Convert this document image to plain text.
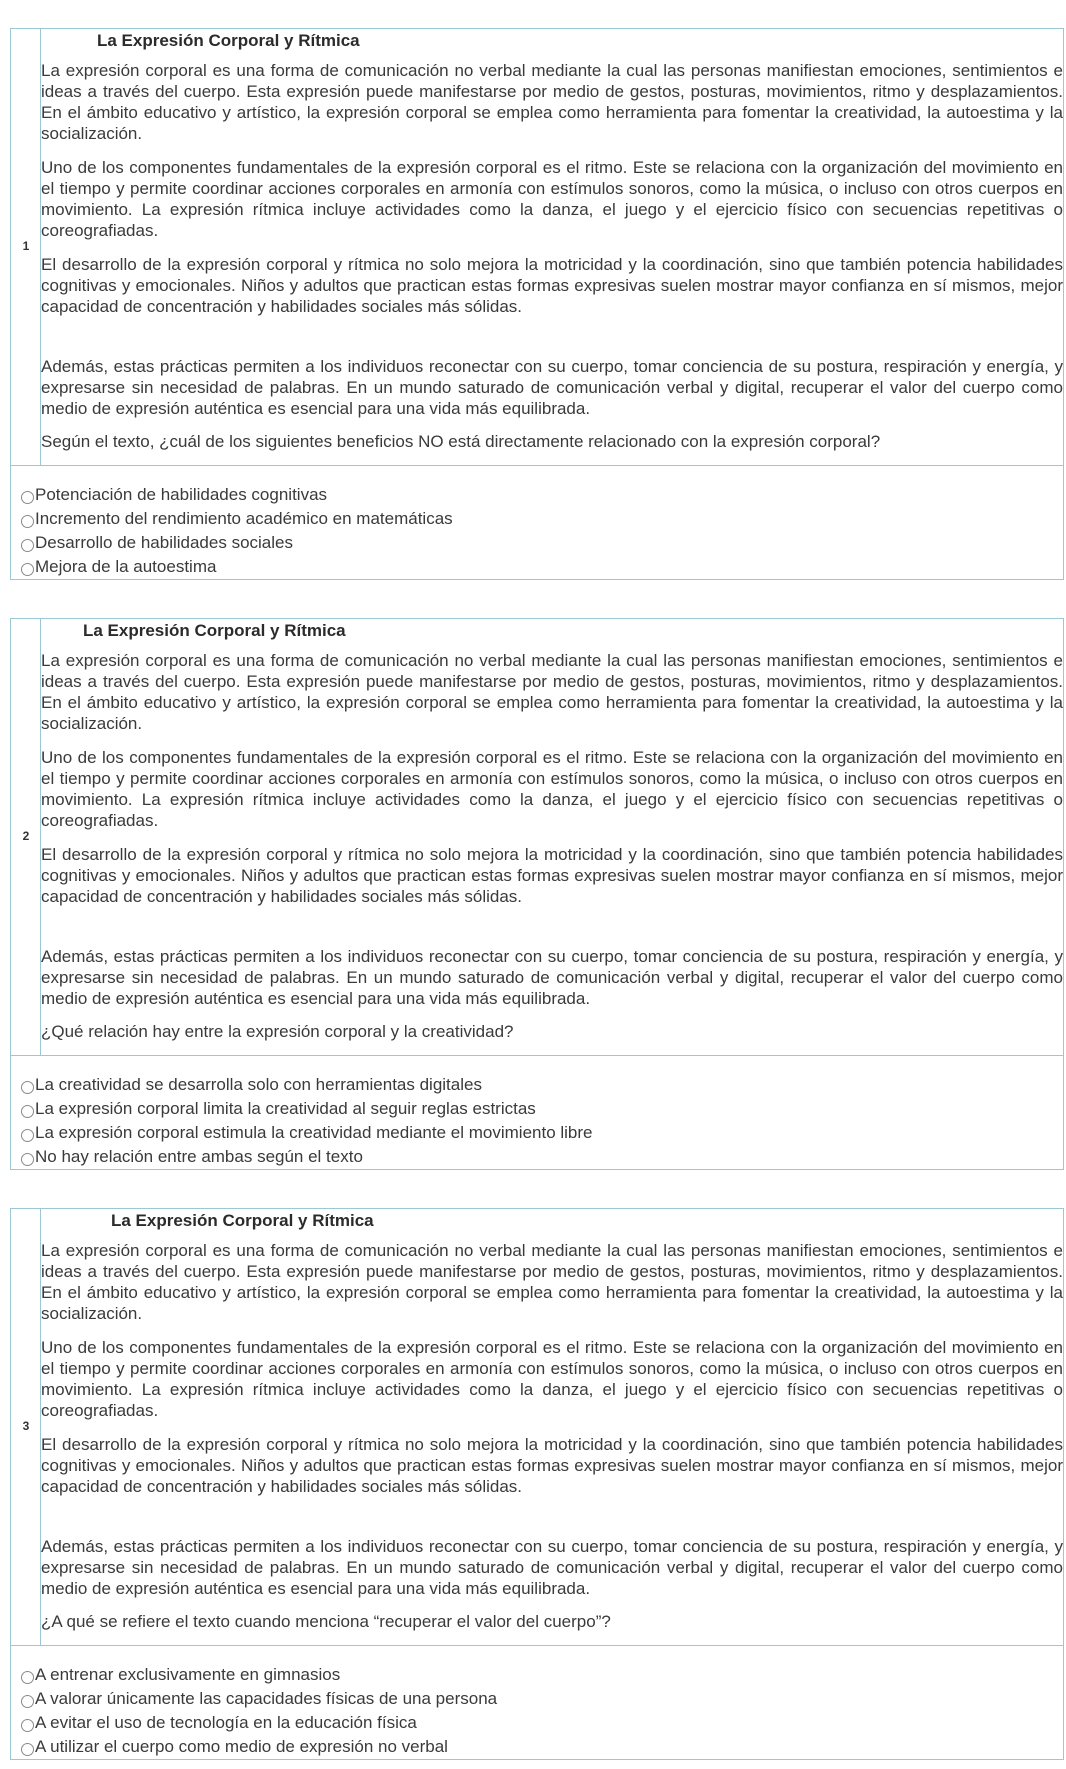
1
La Expresión Corporal y Rítmica

La expresión corporal es una forma de comunicación no verbal mediante la cual las personas manifiestan emociones, sentimientos e ideas a través del cuerpo. Esta expresión puede manifestarse por medio de gestos, posturas, movimientos, ritmo y desplazamientos. En el ámbito educativo y artístico, la expresión corporal se emplea como herramienta para fomentar la creatividad, la autoestima y la socialización.

Uno de los componentes fundamentales de la expresión corporal es el ritmo. Este se relaciona con la organización del movimiento en el tiempo y permite coordinar acciones corporales en armonía con estímulos sonoros, como la música, o incluso con otros cuerpos en movimiento. La expresión rítmica incluye actividades como la danza, el juego y el ejercicio físico con secuencias repetitivas o coreografiadas.

El desarrollo de la expresión corporal y rítmica no solo mejora la motricidad y la coordinación, sino que también potencia habilidades cognitivas y emocionales. Niños y adultos que practican estas formas expresivas suelen mostrar mayor confianza en sí mismos, mejor capacidad de concentración y habilidades sociales más sólidas.

Además, estas prácticas permiten a los individuos reconectar con su cuerpo, tomar conciencia de su postura, respiración y energía, y expresarse sin necesidad de palabras. En un mundo saturado de comunicación verbal y digital, recuperar el valor del cuerpo como medio de expresión auténtica es esencial para una vida más equilibrada.

Según el texto, ¿cuál de los siguientes beneficios NO está directamente relacionado con la expresión corporal?

Potenciación de habilidades cognitivas
Incremento del rendimiento académico en matemáticas
Desarrollo de habilidades sociales
Mejora de la autoestima
2
La Expresión Corporal y Rítmica

La expresión corporal es una forma de comunicación no verbal mediante la cual las personas manifiestan emociones, sentimientos e ideas a través del cuerpo. Esta expresión puede manifestarse por medio de gestos, posturas, movimientos, ritmo y desplazamientos. En el ámbito educativo y artístico, la expresión corporal se emplea como herramienta para fomentar la creatividad, la autoestima y la socialización.

Uno de los componentes fundamentales de la expresión corporal es el ritmo. Este se relaciona con la organización del movimiento en el tiempo y permite coordinar acciones corporales en armonía con estímulos sonoros, como la música, o incluso con otros cuerpos en movimiento. La expresión rítmica incluye actividades como la danza, el juego y el ejercicio físico con secuencias repetitivas o coreografiadas.

El desarrollo de la expresión corporal y rítmica no solo mejora la motricidad y la coordinación, sino que también potencia habilidades cognitivas y emocionales. Niños y adultos que practican estas formas expresivas suelen mostrar mayor confianza en sí mismos, mejor capacidad de concentración y habilidades sociales más sólidas.

Además, estas prácticas permiten a los individuos reconectar con su cuerpo, tomar conciencia de su postura, respiración y energía, y expresarse sin necesidad de palabras. En un mundo saturado de comunicación verbal y digital, recuperar el valor del cuerpo como medio de expresión auténtica es esencial para una vida más equilibrada.

¿Qué relación hay entre la expresión corporal y la creatividad?

La creatividad se desarrolla solo con herramientas digitales
La expresión corporal limita la creatividad al seguir reglas estrictas
La expresión corporal estimula la creatividad mediante el movimiento libre
No hay relación entre ambas según el texto
3
La Expresión Corporal y Rítmica

La expresión corporal es una forma de comunicación no verbal mediante la cual las personas manifiestan emociones, sentimientos e ideas a través del cuerpo. Esta expresión puede manifestarse por medio de gestos, posturas, movimientos, ritmo y desplazamientos. En el ámbito educativo y artístico, la expresión corporal se emplea como herramienta para fomentar la creatividad, la autoestima y la socialización.

Uno de los componentes fundamentales de la expresión corporal es el ritmo. Este se relaciona con la organización del movimiento en el tiempo y permite coordinar acciones corporales en armonía con estímulos sonoros, como la música, o incluso con otros cuerpos en movimiento. La expresión rítmica incluye actividades como la danza, el juego y el ejercicio físico con secuencias repetitivas o coreografiadas.

El desarrollo de la expresión corporal y rítmica no solo mejora la motricidad y la coordinación, sino que también potencia habilidades cognitivas y emocionales. Niños y adultos que practican estas formas expresivas suelen mostrar mayor confianza en sí mismos, mejor capacidad de concentración y habilidades sociales más sólidas.

Además, estas prácticas permiten a los individuos reconectar con su cuerpo, tomar conciencia de su postura, respiración y energía, y expresarse sin necesidad de palabras. En un mundo saturado de comunicación verbal y digital, recuperar el valor del cuerpo como medio de expresión auténtica es esencial para una vida más equilibrada.

¿A qué se refiere el texto cuando menciona “recuperar el valor del cuerpo”?

A entrenar exclusivamente en gimnasios
A valorar únicamente las capacidades físicas de una persona
A evitar el uso de tecnología en la educación física
A utilizar el cuerpo como medio de expresión no verbal
